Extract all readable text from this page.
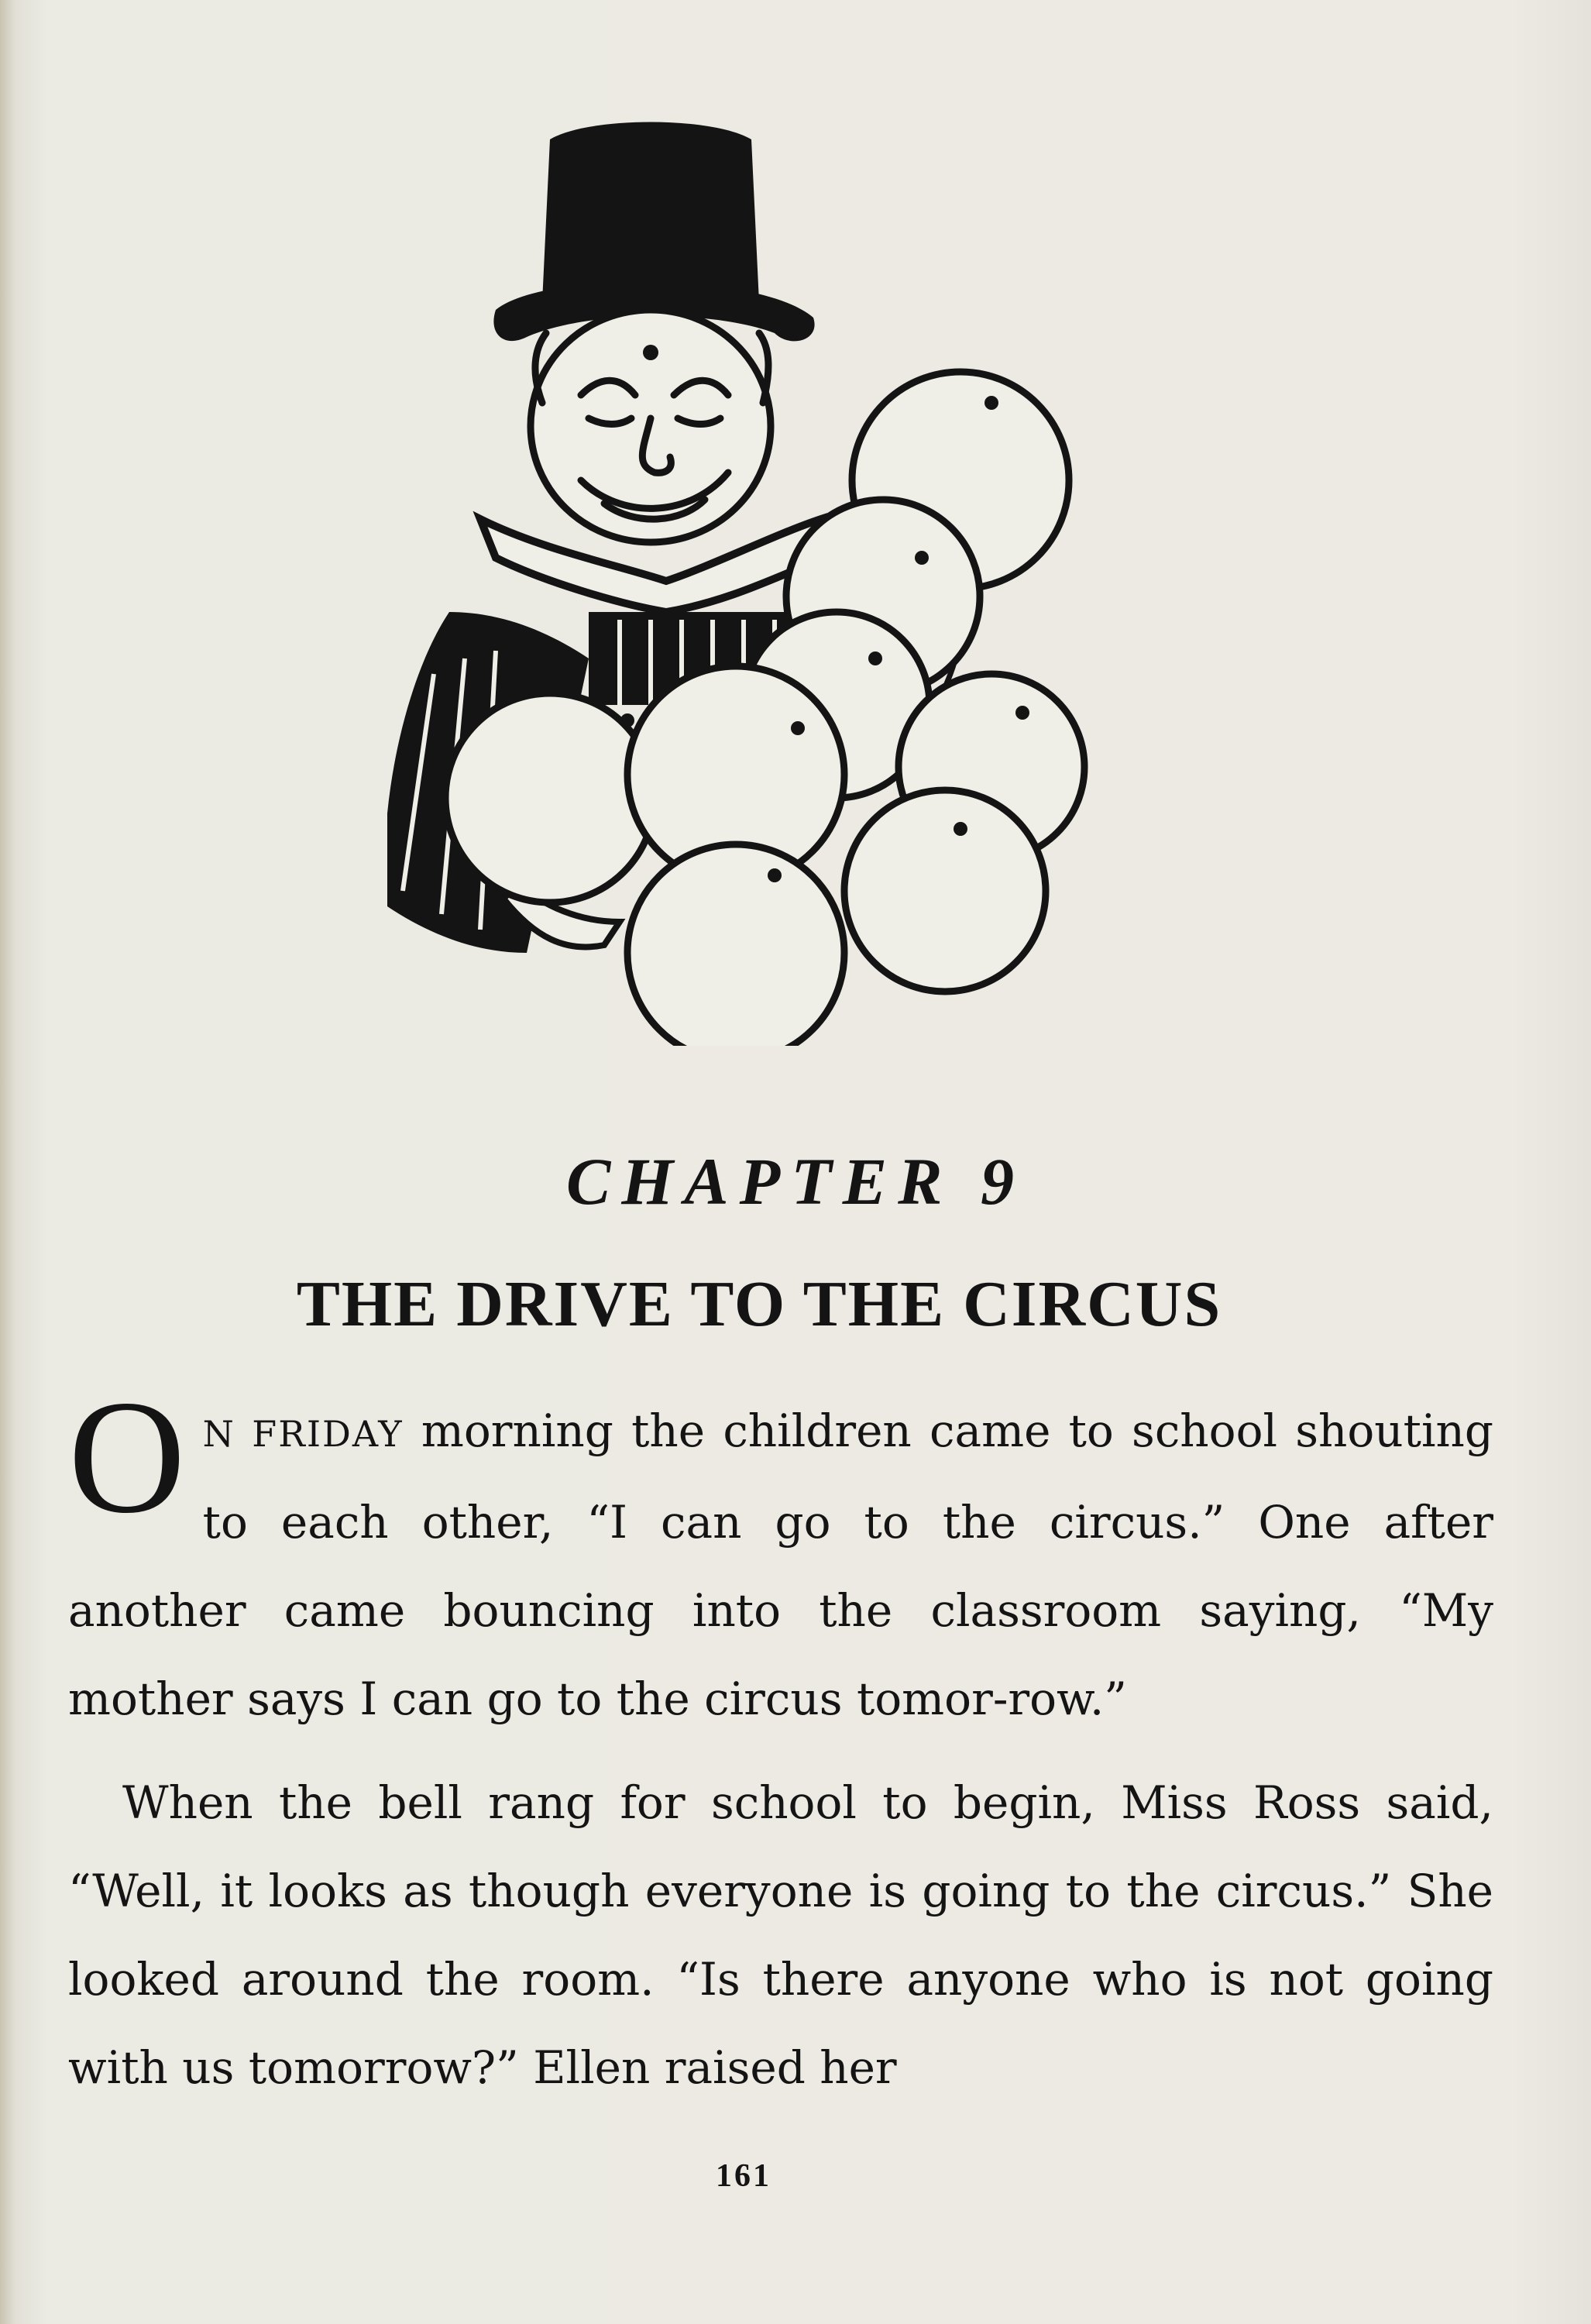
CHAPTER 9
THE DRIVE TO THE CIRCUS

O N FRIDAY morning the children came to school shouting to each other, “I can go to the circus.” One after another came bouncing into the classroom saying, “My mother says I can go to the circus tomor-row.”

When the bell rang for school to begin, Miss Ross said, “Well, it looks as though everyone is going to the circus.” She looked around the room. “Is there anyone who is not going with us tomorrow?” Ellen raised her

161
